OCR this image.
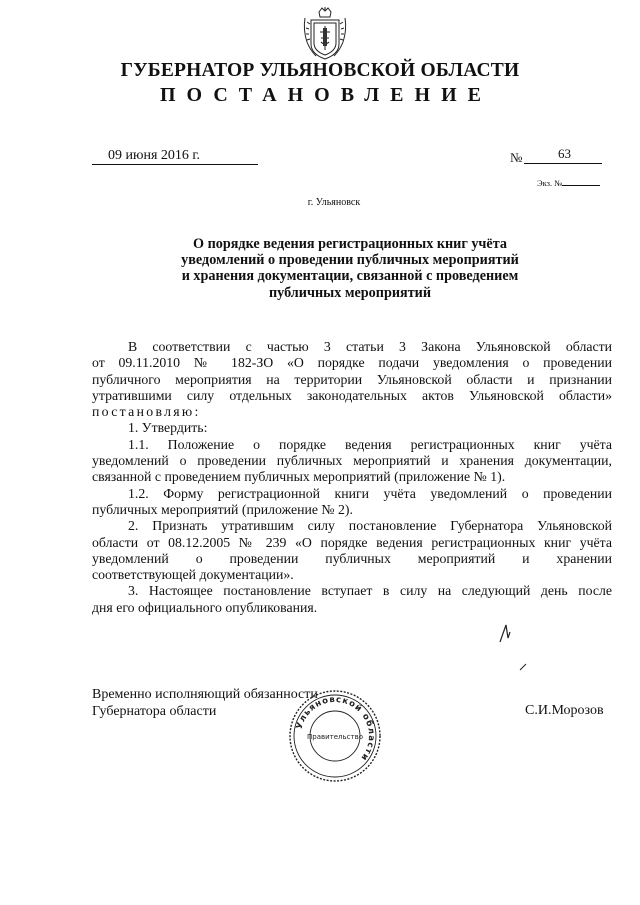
ГУБЕРНАТОР УЛЬЯНОВСКОЙ ОБЛАСТИ
ПОСТАНОВЛЕНИЕ
09 июня 2016 г.	№	63
Экз. №
г. Ульяновск
О порядке ведения регистрационных книг учёта
уведомлений о проведении публичных мероприятий
и хранения документации, связанной с проведением
публичных мероприятий

В соответствии с частью 3 статьи 3 Закона Ульяновской области

от 09.11.2010 № 182-ЗО «О порядке подачи уведомления о проведении

публичного мероприятия на территории Ульяновской области и признании

утратившими силу отдельных законодательных актов Ульяновской области»

постановляю:

1. Утвердить:

1.1. Положение о порядке ведения регистрационных книг учёта

уведомлений о проведении публичных мероприятий и хранения документации,

связанной с проведением публичных мероприятий (приложение № 1).

1.2. Форму регистрационной книги учёта уведомлений о проведении

публичных мероприятий (приложение № 2).

2. Признать утратившим силу постановление Губернатора Ульяновской

области от 08.12.2005 № 239 «О порядке ведения регистрационных книг учёта

уведомлений о проведении публичных мероприятий и хранении

соответствующей документации».

3. Настоящее постановление вступает в силу на следующий день после

дня его официального опубликования.

Временно исполняющий обязанности
Губернатора области	С.И.Морозов
Ульяновской области
Правительство
